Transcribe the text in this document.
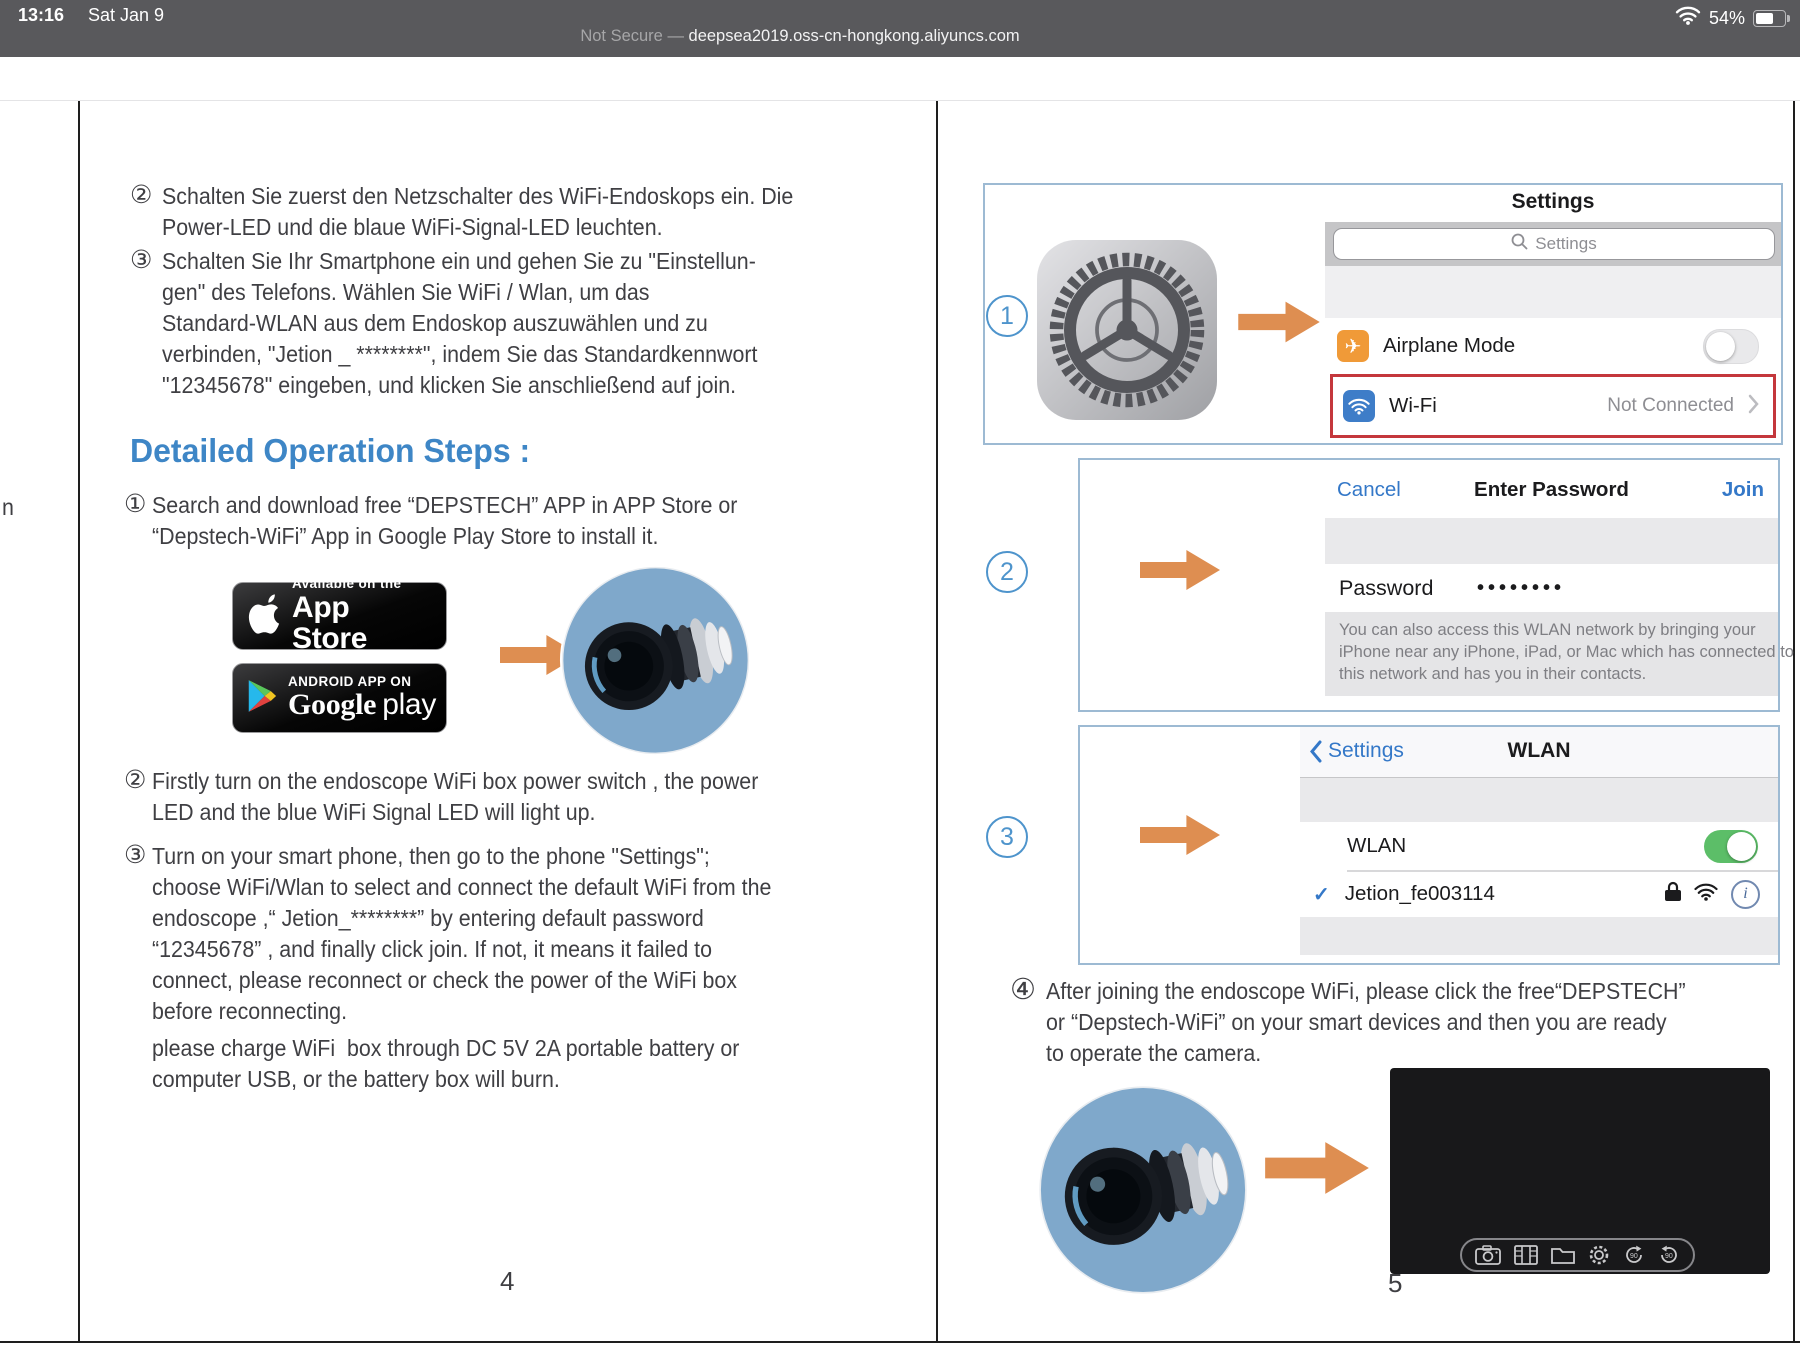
13:16 Sat Jan 9
Not Secure — deepsea2019.oss-cn-hongkong.aliyuncs.com
54%
n
② Schalten Sie zuerst den Netzschalter des WiFi-Endoskops ein. Die
Power-LED und die blaue WiFi-Signal-LED leuchten.
③ Schalten Sie Ihr Smartphone ein und gehen Sie zu "Einstellun-
gen" des Telefons. Wählen Sie WiFi / Wlan, um das
Standard-WLAN aus dem Endoskop auszuwählen und zu
verbinden, "Jetion _ ********", indem Sie das Standardkennwort
"12345678" eingeben, und klicken Sie anschließend auf join.
Detailed Operation Steps :
① Search and download free “DEPSTECH” APP in APP Store or
“Depstech-WiFi” App in Google Play Store to install it.
Available on the
App Store
ANDROID APP ON
Google play
② Firstly turn on the endoscope WiFi box power switch , the power
LED and the blue WiFi Signal LED will light up.
③ Turn on your smart phone, then go to the phone "Settings";
choose WiFi/Wlan to select and connect the default WiFi from the
endoscope ,“ Jetion_********” by entering default password
“12345678” , and finally click join. If not, it means it failed to
connect, please reconnect or check the power of the WiFi box
before reconnecting.
please charge WiFi  box through DC 5V 2A portable battery or
computer USB, or the battery box will burn.
4
1
Settings
Settings
✈ Airplane Mode
Wi-Fi	Not Connected
2
Cancel	Enter Password	Join
Password ••••••••
You can also access this WLAN network by bringing your
iPhone near any iPhone, iPad, or Mac which has connected to
this network and has you in their contacts.
3
Settings	WLAN
WLAN
✓ Jetion_fe003114	i
④ After joining the endoscope WiFi, please click the free“DEPSTECH”
or “Depstech-WiFi” on your smart devices and then you are ready
to operate the camera.
90	90
5
